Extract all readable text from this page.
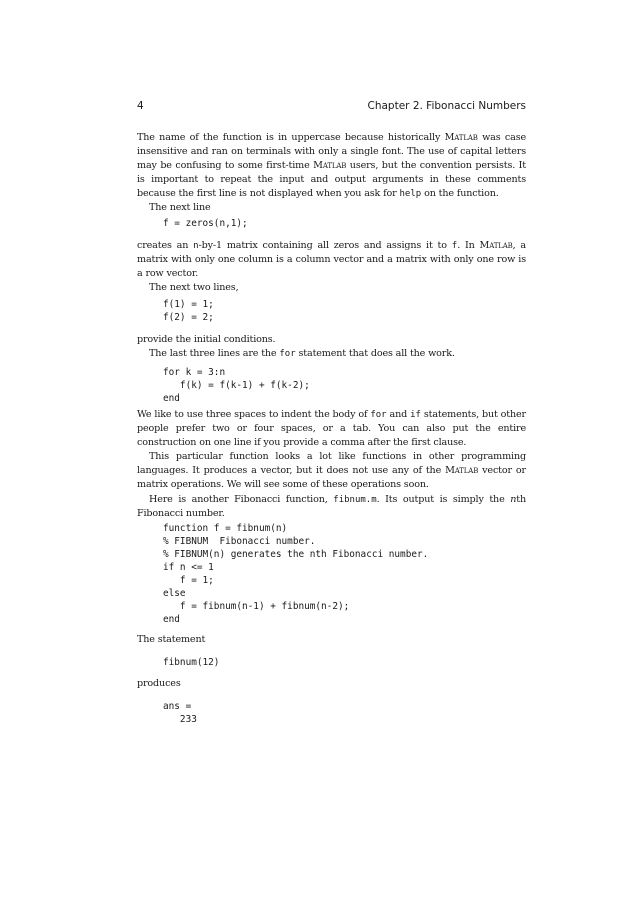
4	Chapter 2. Fibonacci Numbers

The name of the function is in uppercase because historically Matlab was case insensitive and ran on terminals with only a single font. The use of capital letters may be confusing to some first-time Matlab users, but the convention persists. It is important to repeat the input and output arguments in these comments because the first line is not displayed when you ask for help on the function.

The next line

f = zeros(n,1);

creates an n-by-1 matrix containing all zeros and assigns it to f. In Matlab, a matrix with only one column is a column vector and a matrix with only one row is a row vector.

The next two lines,

f(1) = 1;
f(2) = 2;

provide the initial conditions.

The last three lines are the for statement that does all the work.

for k = 3:n
f(k) = f(k-1) + f(k-2);
end

We like to use three spaces to indent the body of for and if statements, but other people prefer two or four spaces, or a tab. You can also put the entire construction on one line if you provide a comma after the first clause.

This particular function looks a lot like functions in other programming languages. It produces a vector, but it does not use any of the Matlab vector or matrix operations. We will see some of these operations soon.

Here is another Fibonacci function, fibnum.m. Its output is simply the nth Fibonacci number.

function f = fibnum(n)
% FIBNUM  Fibonacci number.
% FIBNUM(n) generates the nth Fibonacci number.
if n <= 1
f = 1;
else
f = fibnum(n-1) + fibnum(n-2);
end
The statement
fibnum(12)
produces
ans =
233
